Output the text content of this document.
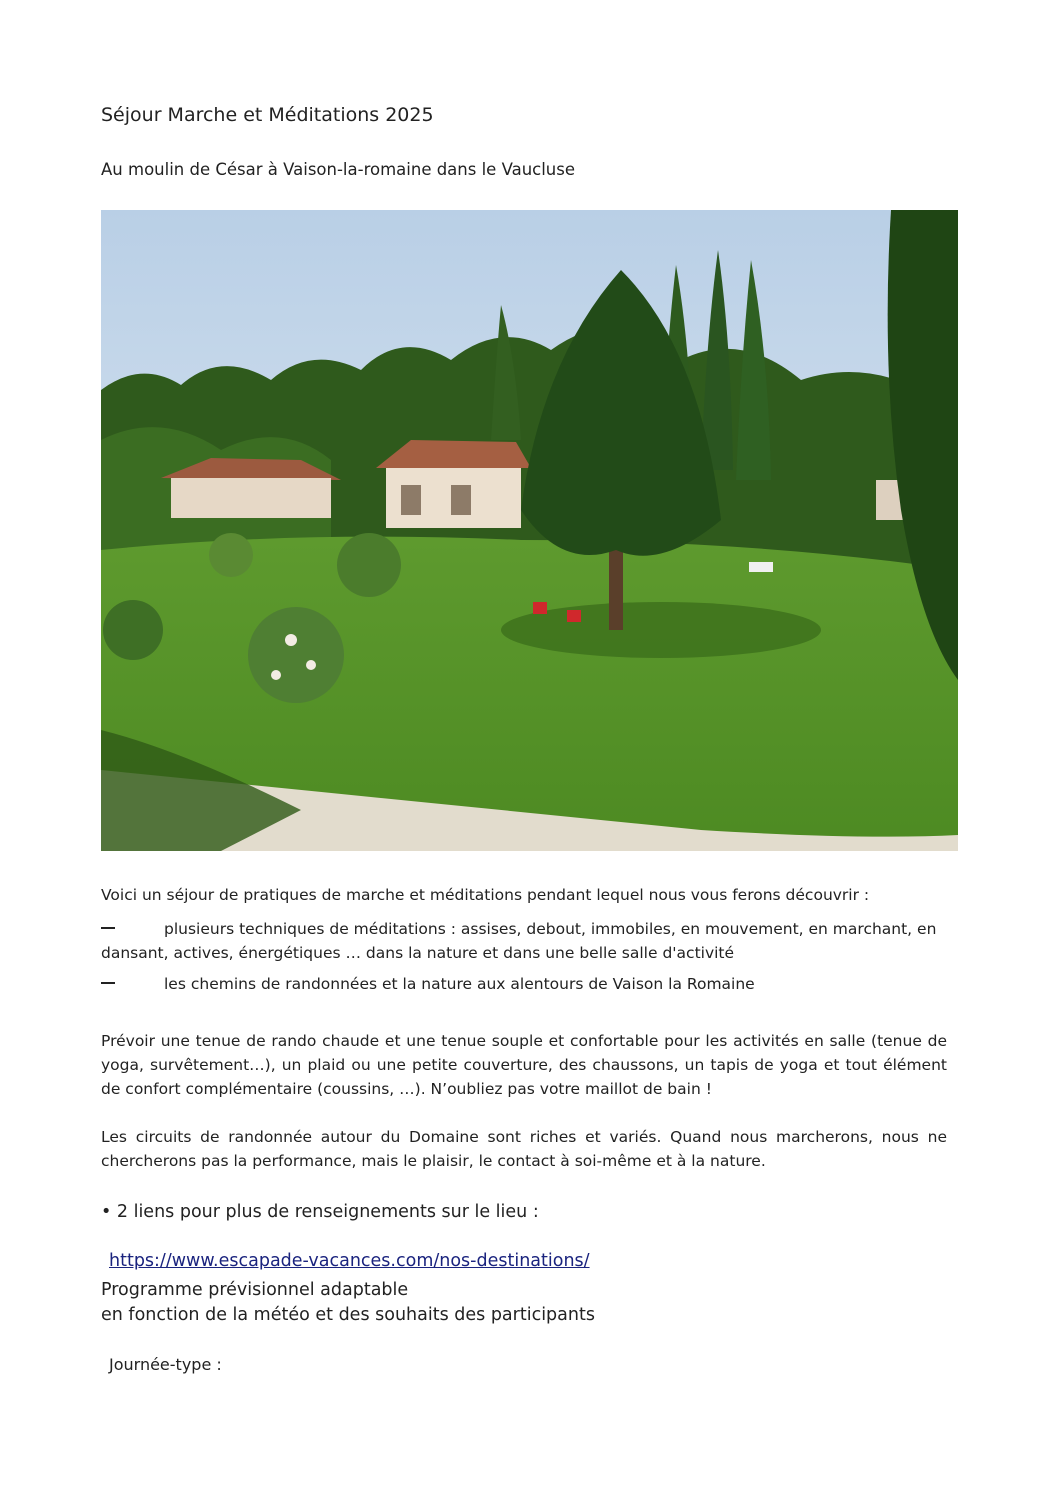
Séjour Marche et Méditations 2025
Au moulin de César à Vaison-la-romaine dans le Vaucluse
Voici un séjour de pratiques de marche et méditations pendant lequel nous vous ferons découvrir :
plusieurs techniques de méditations : assises, debout, immobiles, en mouvement, en marchant, en
dansant, actives, énergétiques … dans la nature et dans une belle salle d'activité
les chemins de randonnées et la nature aux alentours de Vaison la Romaine
Prévoir une tenue de rando chaude et une tenue souple et confortable pour les activités en salle (tenue de yoga, survêtement…), un plaid ou une petite couverture, des chaussons, un tapis de yoga et tout élément de confort complémentaire (coussins, …). N’oubliez pas votre maillot de bain !
Les circuits de randonnée autour du Domaine sont riches et variés. Quand nous marcherons, nous ne chercherons pas la performance, mais le plaisir, le contact à soi-même et à la nature.
• 2 liens pour plus de renseignements sur le lieu :
https://www.escapade-vacances.com/nos-destinations/
Programme prévisionnel adaptable
en fonction de la météo et des souhaits des participants
Journée-type :
